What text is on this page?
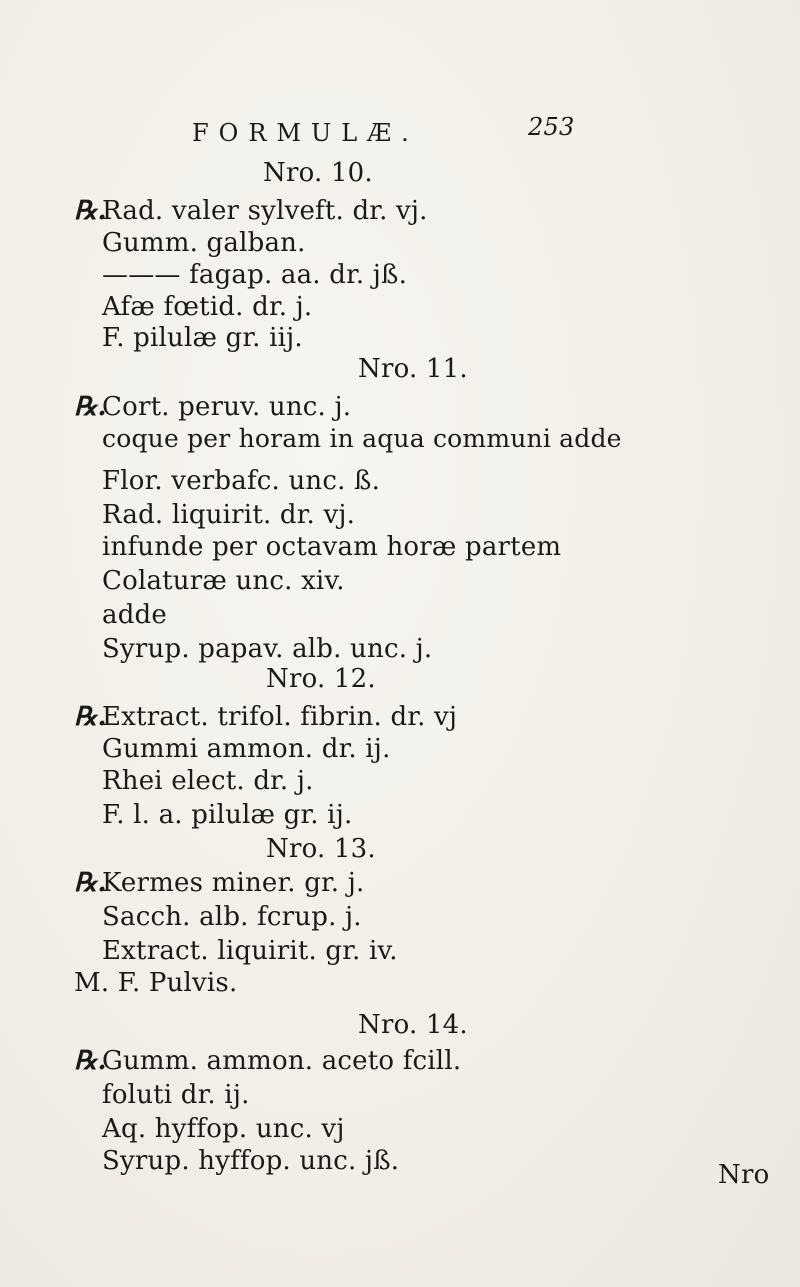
FORMULÆ.	253
Nro. 10.
℞.Rad. valer sylveft. dr. vj.
Gumm. galban.
——— fagap. aa. dr. jß.
Afæ fœtid. dr. j.
F. pilulæ gr. iij.
Nro. 11.
℞.Cort. peruv. unc. j.
coque per horam in aqua communi adde
Flor. verbafc. unc. ß.
Rad. liquirit. dr. vj.
infunde per octavam horæ partem
Colaturæ unc. xiv.
adde
Syrup. papav. alb. unc. j.
Nro. 12.
℞.Extract. trifol. fibrin. dr. vj
Gummi ammon. dr. ij.
Rhei elect. dr. j.
F. l. a. pilulæ gr. ij.
Nro. 13.
℞.Kermes miner. gr. j.
Sacch. alb. fcrup. j.
Extract. liquirit. gr. iv.
M. F. Pulvis.
Nro. 14.
℞.Gumm. ammon. aceto fcill.
foluti dr. ij.
Aq. hyffop. unc. vj
Syrup. hyffop. unc. jß.	Nro
